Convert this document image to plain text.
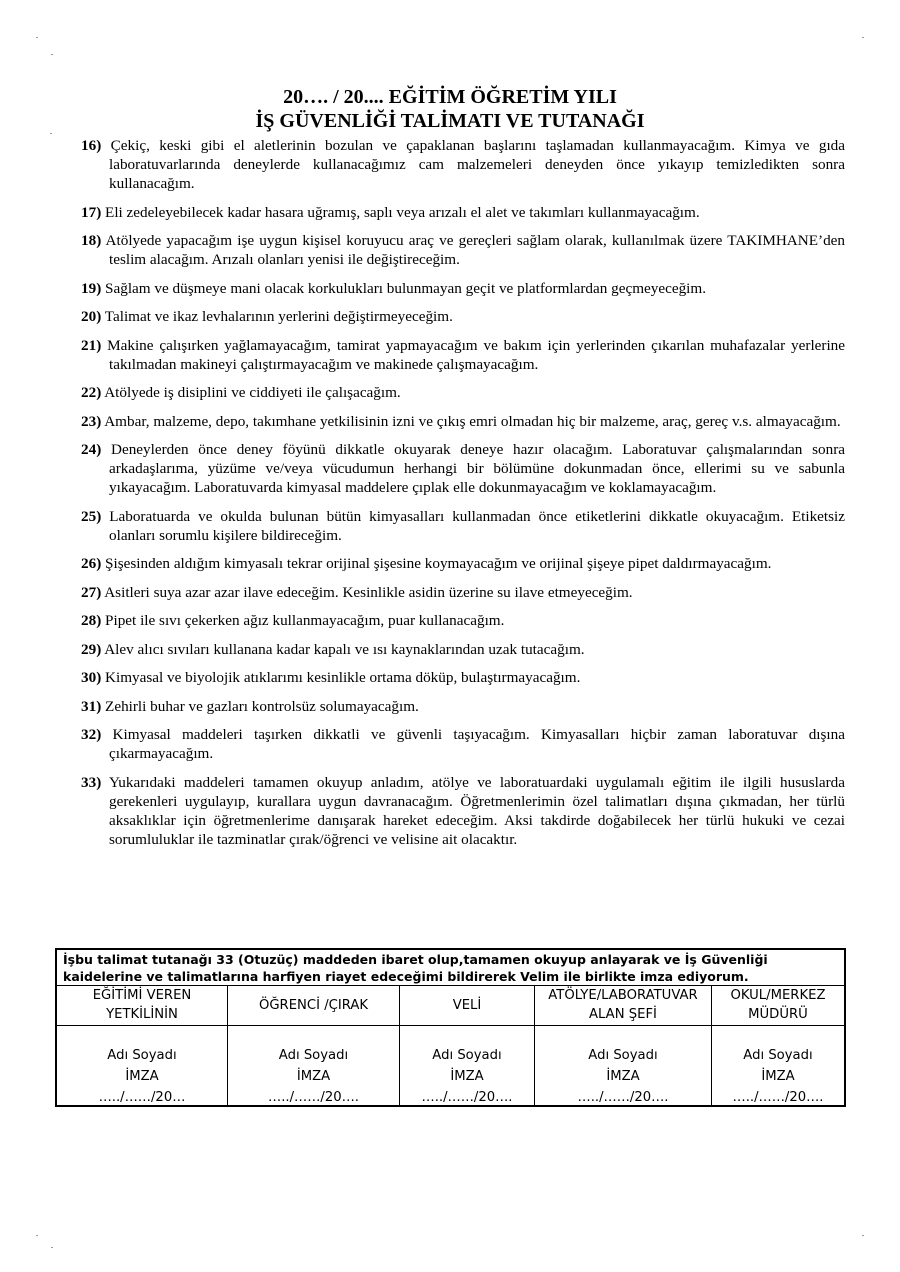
20…. / 20.... EĞİTİM ÖĞRETİM YILI
İŞ GÜVENLİĞİ TALİMATI VE TUTANAĞI
16) Çekiç, keski gibi el aletlerinin bozulan ve çapaklanan başlarını taşlamadan kullanmayacağım. Kimya ve gıda laboratuvarlarında deneylerde kullanacağımız cam malzemeleri deneyden önce yıkayıp temizledikten sonra kullanacağım.
17) Eli zedeleyebilecek kadar hasara uğramış, saplı veya arızalı el alet ve takımları kullanmayacağım.
18) Atölyede yapacağım işe uygun kişisel koruyucu araç ve gereçleri sağlam olarak, kullanılmak üzere TAKIMHANE’den teslim alacağım. Arızalı olanları yenisi ile değiştireceğim.
19) Sağlam ve düşmeye mani olacak korkulukları bulunmayan geçit ve platformlardan geçmeyeceğim.
20) Talimat ve ikaz levhalarının yerlerini değiştirmeyeceğim.
21) Makine çalışırken yağlamayacağım, tamirat yapmayacağım ve bakım için yerlerinden çıkarılan muhafazalar yerlerine takılmadan makineyi çalıştırmayacağım ve makinede çalışmayacağım.
22) Atölyede iş disiplini ve ciddiyeti ile çalışacağım.
23) Ambar, malzeme, depo, takımhane yetkilisinin izni ve çıkış emri olmadan hiç bir malzeme, araç, gereç v.s. almayacağım.
24) Deneylerden önce deney föyünü dikkatle okuyarak deneye hazır olacağım. Laboratuvar çalışmalarından sonra arkadaşlarıma, yüzüme ve/veya vücudumun herhangi bir bölümüne dokunmadan önce, ellerimi su ve sabunla yıkayacağım. Laboratuvarda kimyasal maddelere çıplak elle dokunmayacağım ve koklamayacağım.
25) Laboratuarda ve okulda bulunan bütün kimyasalları kullanmadan önce etiketlerini dikkatle okuyacağım. Etiketsiz olanları sorumlu kişilere bildireceğim.
26) Şişesinden aldığım kimyasalı tekrar orijinal şişesine koymayacağım ve orijinal şişeye pipet daldırmayacağım.
27) Asitleri suya azar azar ilave edeceğim. Kesinlikle asidin üzerine su ilave etmeyeceğim.
28) Pipet ile sıvı çekerken ağız kullanmayacağım, puar kullanacağım.
29) Alev alıcı sıvıları kullanana kadar kapalı ve ısı kaynaklarından uzak tutacağım.
30) Kimyasal ve biyolojik atıklarımı kesinlikle ortama döküp, bulaştırmayacağım.
31) Zehirli buhar ve gazları kontrolsüz solumayacağım.
32) Kimyasal maddeleri taşırken dikkatli ve güvenli taşıyacağım. Kimyasalları hiçbir zaman laboratuvar dışına çıkarmayacağım.
33) Yukarıdaki maddeleri tamamen okuyup anladım, atölye ve laboratuardaki uygulamalı eğitim ile ilgili hususlarda gerekenleri uygulayıp, kurallara uygun davranacağım. Öğretmenlerimin özel talimatları dışına çıkmadan, her türlü aksaklıklar için öğretmenlerime danışarak hareket edeceğim. Aksi takdirde doğabilecek her türlü hukuki ve cezai sorumluluklar ile tazminatlar çırak/öğrenci ve velisine ait olacaktır.
İşbu talimat tutanağı 33 (Otuzüç) maddeden ibaret olup,tamamen okuyup anlayarak ve İş Güvenliği kaidelerine ve talimatlarına harfiyen riayet edeceğimi bildirerek Velim ile birlikte imza ediyorum.
EĞİTİMİ VEREN
YETKİLİNİN
Adı Soyadı
İMZA
…../……/20…
ÖĞRENCİ /ÇIRAK
Adı Soyadı
İMZA
…../……/20….
VELİ
Adı Soyadı
İMZA
…../……/20….
ATÖLYE/LABORATUVAR
ALAN ŞEFİ
Adı Soyadı
İMZA
…../……/20….
OKUL/MERKEZ
MÜDÜRÜ
Adı Soyadı
İMZA
…../……/20….
